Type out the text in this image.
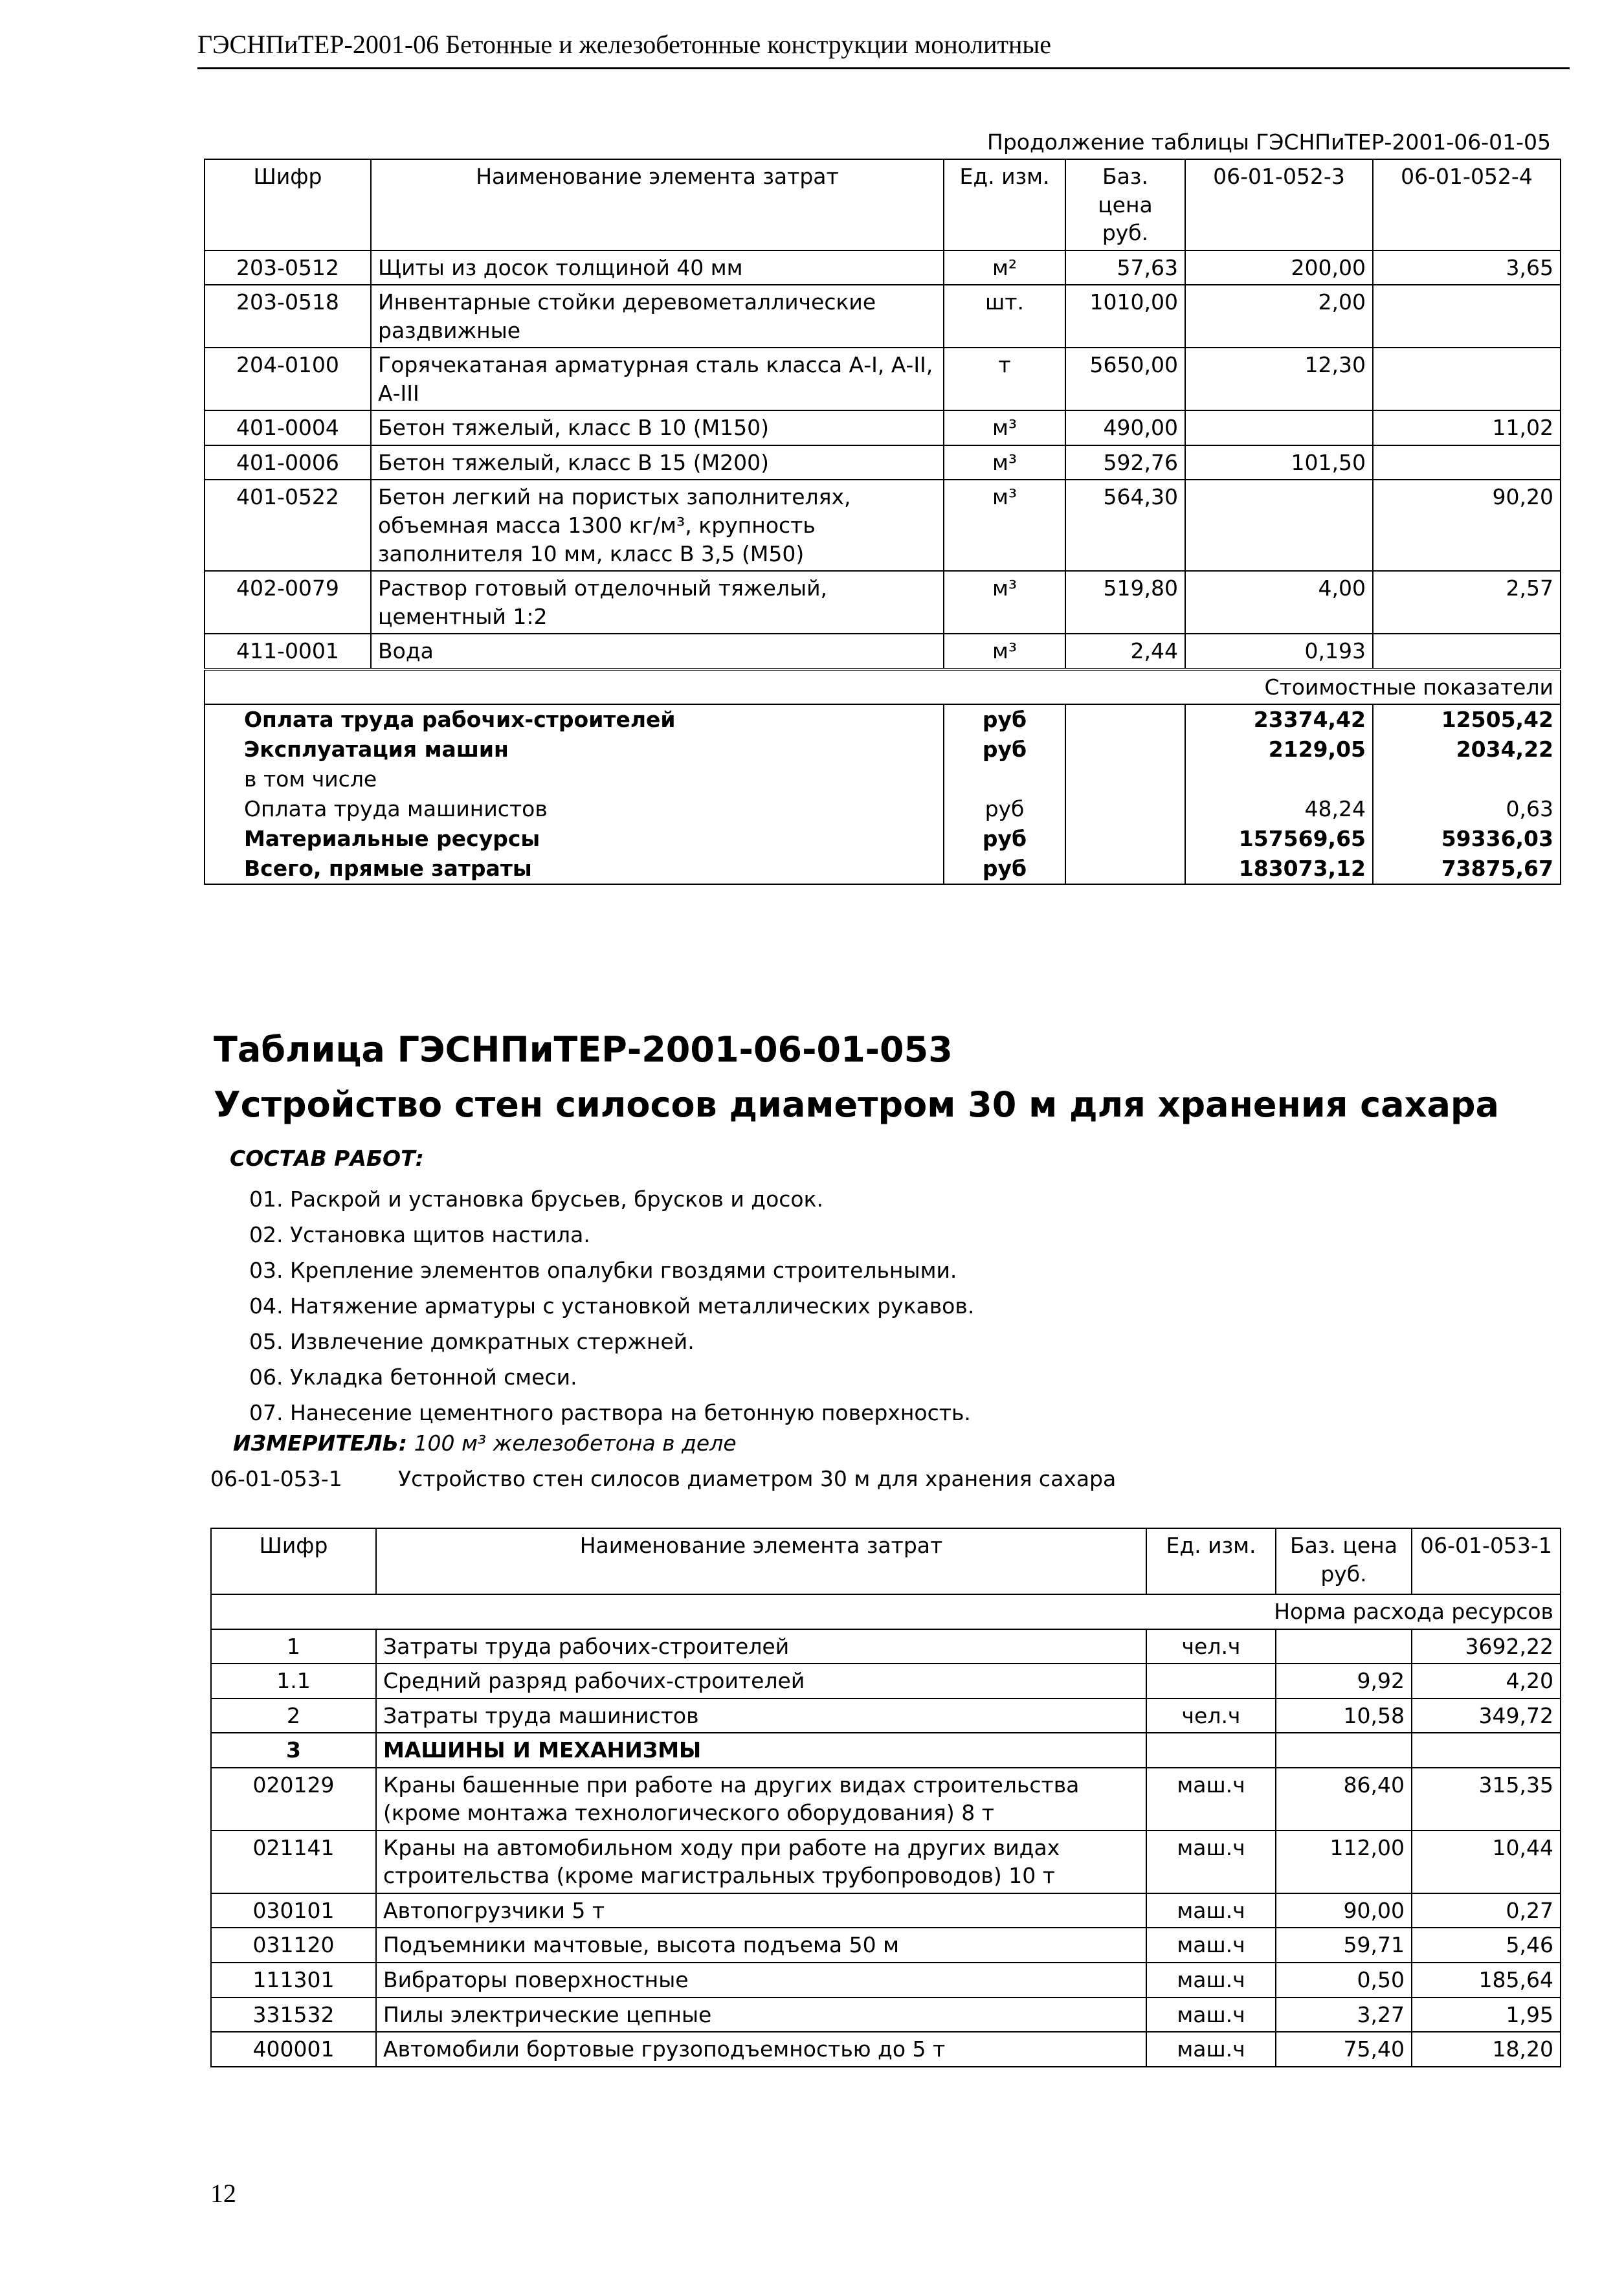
ГЭСНПиТЕР-2001-06 Бетонные и железобетонные конструкции монолитные
Продолжение таблицы ГЭСНПиТЕР-2001-06-01-05
Шифр	Наименование элемента затрат	Ед. изм.	Баз. цена руб.	06-01-052-3	06-01-052-4
203-0512	Щиты из досок толщиной 40 мм	м²	57,63	200,00	3,65
203-0518	Инвентарные стойки деревометаллические раздвижные	шт.	1010,00	2,00	
204-0100	Горячекатаная арматурная сталь класса А-I, А-II, А-III	т	5650,00	12,30	
401-0004	Бетон тяжелый, класс В 10 (М150)	м³	490,00		11,02
401-0006	Бетон тяжелый, класс В 15 (М200)	м³	592,76	101,50	
401-0522	Бетон легкий на пористых заполнителях, объемная масса 1300 кг/м³, крупность заполнителя 10 мм, класс В 3,5 (М50)	м³	564,30		90,20
402-0079	Раствор готовый отделочный тяжелый, цементный 1:2	м³	519,80	4,00	2,57
411-0001	Вода	м³	2,44	0,193	
Стоимостные показатели					
Оплата труда рабочих-строителей		руб		23374,42	12505,42
Эксплуатация машин		руб		2129,05	2034,22
в том числе					
Оплата труда машинистов		руб		48,24	0,63
Материальные ресурсы		руб		157569,65	59336,03
Всего, прямые затраты		руб		183073,12	73875,67
Таблица ГЭСНПиТЕР-2001-06-01-053
Устройство стен силосов диаметром 30 м для хранения сахара
СОСТАВ РАБОТ:
01. Раскрой и установка брусьев, брусков и досок.
02. Установка щитов настила.
03. Крепление элементов опалубки гвоздями строительными.
04. Натяжение арматуры с установкой металлических рукавов.
05. Извлечение домкратных стержней.
06. Укладка бетонной смеси.
07. Нанесение цементного раствора на бетонную поверхность.
ИЗМЕРИТЕЛЬ: 100 м³ железобетона в деле
06-01-053-1	Устройство стен силосов диаметром 30 м для хранения сахара
Шифр	Наименование элемента затрат	Ед. изм.	Баз. цена руб.	06-01-053-1
Норма расхода ресурсов				
1	Затраты труда рабочих-строителей	чел.ч		3692,22
1.1	Средний разряд рабочих-строителей		9,92	4,20
2	Затраты труда машинистов	чел.ч	10,58	349,72
3	МАШИНЫ И МЕХАНИЗМЫ			
020129	Краны башенные при работе на других видах строительства (кроме монтажа технологического оборудования) 8 т	маш.ч	86,40	315,35
021141	Краны на автомобильном ходу при работе на других видах строительства (кроме магистральных трубопроводов) 10 т	маш.ч	112,00	10,44
030101	Автопогрузчики 5 т	маш.ч	90,00	0,27
031120	Подъемники мачтовые, высота подъема 50 м	маш.ч	59,71	5,46
111301	Вибраторы поверхностные	маш.ч	0,50	185,64
331532	Пилы электрические цепные	маш.ч	3,27	1,95
400001	Автомобили бортовые грузоподъемностью до 5 т	маш.ч	75,40	18,20
12
